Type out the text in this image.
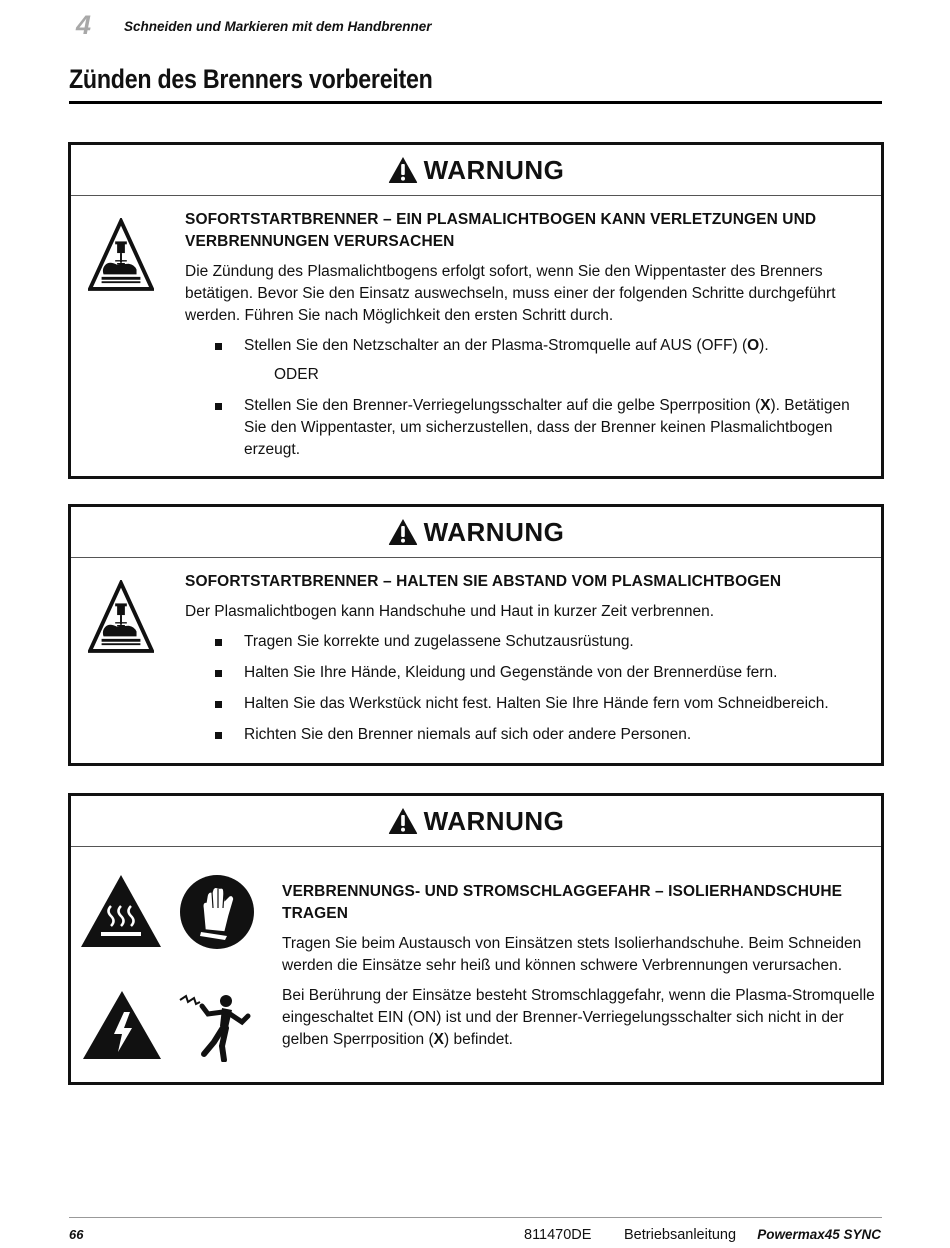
4 Schneiden und Markieren mit dem Handbrenner
Zünden des Brenners vorbereiten
WARNUNG
SOFORTSTARTBRENNER – EIN PLASMALICHTBOGEN KANN VERLETZUNGEN UND VERBRENNUNGEN VERURSACHEN
Die Zündung des Plasmalichtbogens erfolgt sofort, wenn Sie den Wippentaster des Brenners betätigen. Bevor Sie den Einsatz auswechseln, muss einer der folgenden Schritte durchgeführt werden. Führen Sie nach Möglichkeit den ersten Schritt durch.
Stellen Sie den Netzschalter an der Plasma-Stromquelle auf AUS (OFF) (O).
ODER
Stellen Sie den Brenner-Verriegelungsschalter auf die gelbe Sperrposition (X). Betätigen Sie den Wippentaster, um sicherzustellen, dass der Brenner keinen Plasmalichtbogen erzeugt.
WARNUNG
SOFORTSTARTBRENNER – HALTEN SIE ABSTAND VOM PLASMALICHTBOGEN
Der Plasmalichtbogen kann Handschuhe und Haut in kurzer Zeit verbrennen.
Tragen Sie korrekte und zugelassene Schutzausrüstung.
Halten Sie Ihre Hände, Kleidung und Gegenstände von der Brennerdüse fern.
Halten Sie das Werkstück nicht fest. Halten Sie Ihre Hände fern vom Schneidbereich.
Richten Sie den Brenner niemals auf sich oder andere Personen.
WARNUNG
VERBRENNUNGS- UND STROMSCHLAGGEFAHR – ISOLIERHANDSCHUHE TRAGEN
Tragen Sie beim Austausch von Einsätzen stets Isolierhandschuhe. Beim Schneiden werden die Einsätze sehr heiß und können schwere Verbrennungen verursachen.
Bei Berührung der Einsätze besteht Stromschlaggefahr, wenn die Plasma-Stromquelle eingeschaltet EIN (ON) ist und der Brenner-Verriegelungsschalter sich nicht in der gelben Sperrposition (X) befindet.
66	811470DE Betriebsanleitung Powermax45 SYNC
